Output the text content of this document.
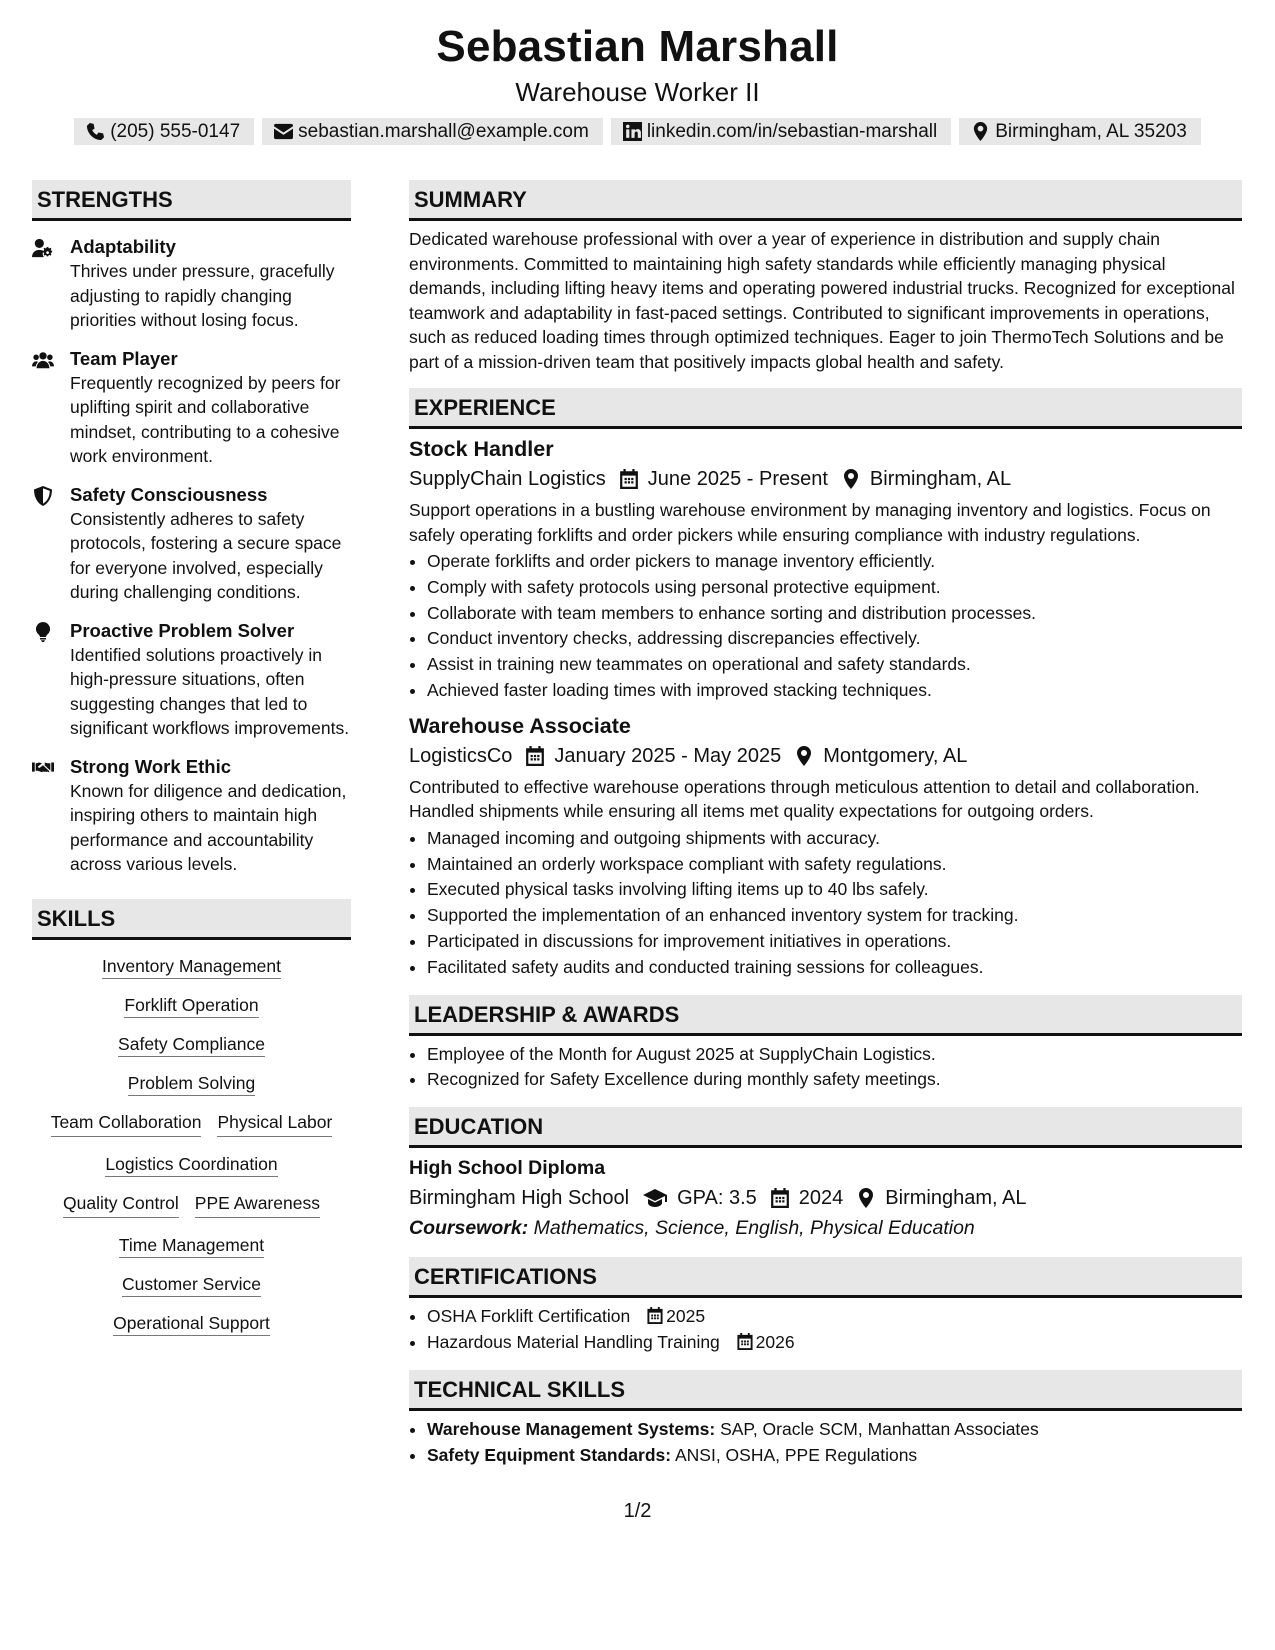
Sebastian Marshall
Warehouse Worker II
(205) 555-0147	sebastian.marshall@example.com	linkedin.com/in/sebastian-marshall	Birmingham, AL 35203
STRENGTHS
Adaptability
Thrives under pressure, gracefully adjusting to rapidly changing priorities without losing focus.
Team Player
Frequently recognized by peers for uplifting spirit and collaborative mindset, contributing to a cohesive work environment.
Safety Consciousness
Consistently adheres to safety protocols, fostering a secure space for everyone involved, especially during challenging conditions.
Proactive Problem Solver
Identified solutions proactively in high-pressure situations, often suggesting changes that led to significant workflows improvements.
Strong Work Ethic
Known for diligence and dedication, inspiring others to maintain high performance and accountability across various levels.
SKILLS
Inventory Management
Forklift Operation
Safety Compliance
Problem Solving
Team Collaboration Physical Labor
Logistics Coordination
Quality Control PPE Awareness
Time Management
Customer Service
Operational Support
SUMMARY

Dedicated warehouse professional with over a year of experience in distribution and supply chain environments. Committed to maintaining high safety standards while efficiently managing physical demands, including lifting heavy items and operating powered industrial trucks. Recognized for exceptional teamwork and adaptability in fast-paced settings. Contributed to significant improvements in operations, such as reduced loading times through optimized techniques. Eager to join ThermoTech Solutions and be part of a mission-driven team that positively impacts global health and safety.

EXPERIENCE
Stock Handler
SupplyChain Logistics June 2025 - Present Birmingham, AL

Support operations in a bustling warehouse environment by managing inventory and logistics. Focus on safely operating forklifts and order pickers while ensuring compliance with industry regulations.

• Operate forklifts and order pickers to manage inventory efficiently.
• Comply with safety protocols using personal protective equipment.
• Collaborate with team members to enhance sorting and distribution processes.
• Conduct inventory checks, addressing discrepancies effectively.
• Assist in training new teammates on operational and safety standards.
• Achieved faster loading times with improved stacking techniques.
Warehouse Associate
LogisticsCo January 2025 - May 2025 Montgomery, AL

Contributed to effective warehouse operations through meticulous attention to detail and collaboration. Handled shipments while ensuring all items met quality expectations for outgoing orders.

• Managed incoming and outgoing shipments with accuracy.
• Maintained an orderly workspace compliant with safety regulations.
• Executed physical tasks involving lifting items up to 40 lbs safely.
• Supported the implementation of an enhanced inventory system for tracking.
• Participated in discussions for improvement initiatives in operations.
• Facilitated safety audits and conducted training sessions for colleagues.
LEADERSHIP & AWARDS
• Employee of the Month for August 2025 at SupplyChain Logistics.
• Recognized for Safety Excellence during monthly safety meetings.
EDUCATION
High School Diploma
Birmingham High School GPA: 3.5 2024 Birmingham, AL
Coursework: Mathematics, Science, English, Physical Education
CERTIFICATIONS
• OSHA Forklift Certification 2025
• Hazardous Material Handling Training 2026
TECHNICAL SKILLS
• Warehouse Management Systems: SAP, Oracle SCM, Manhattan Associates
• Safety Equipment Standards: ANSI, OSHA, PPE Regulations
1/2
